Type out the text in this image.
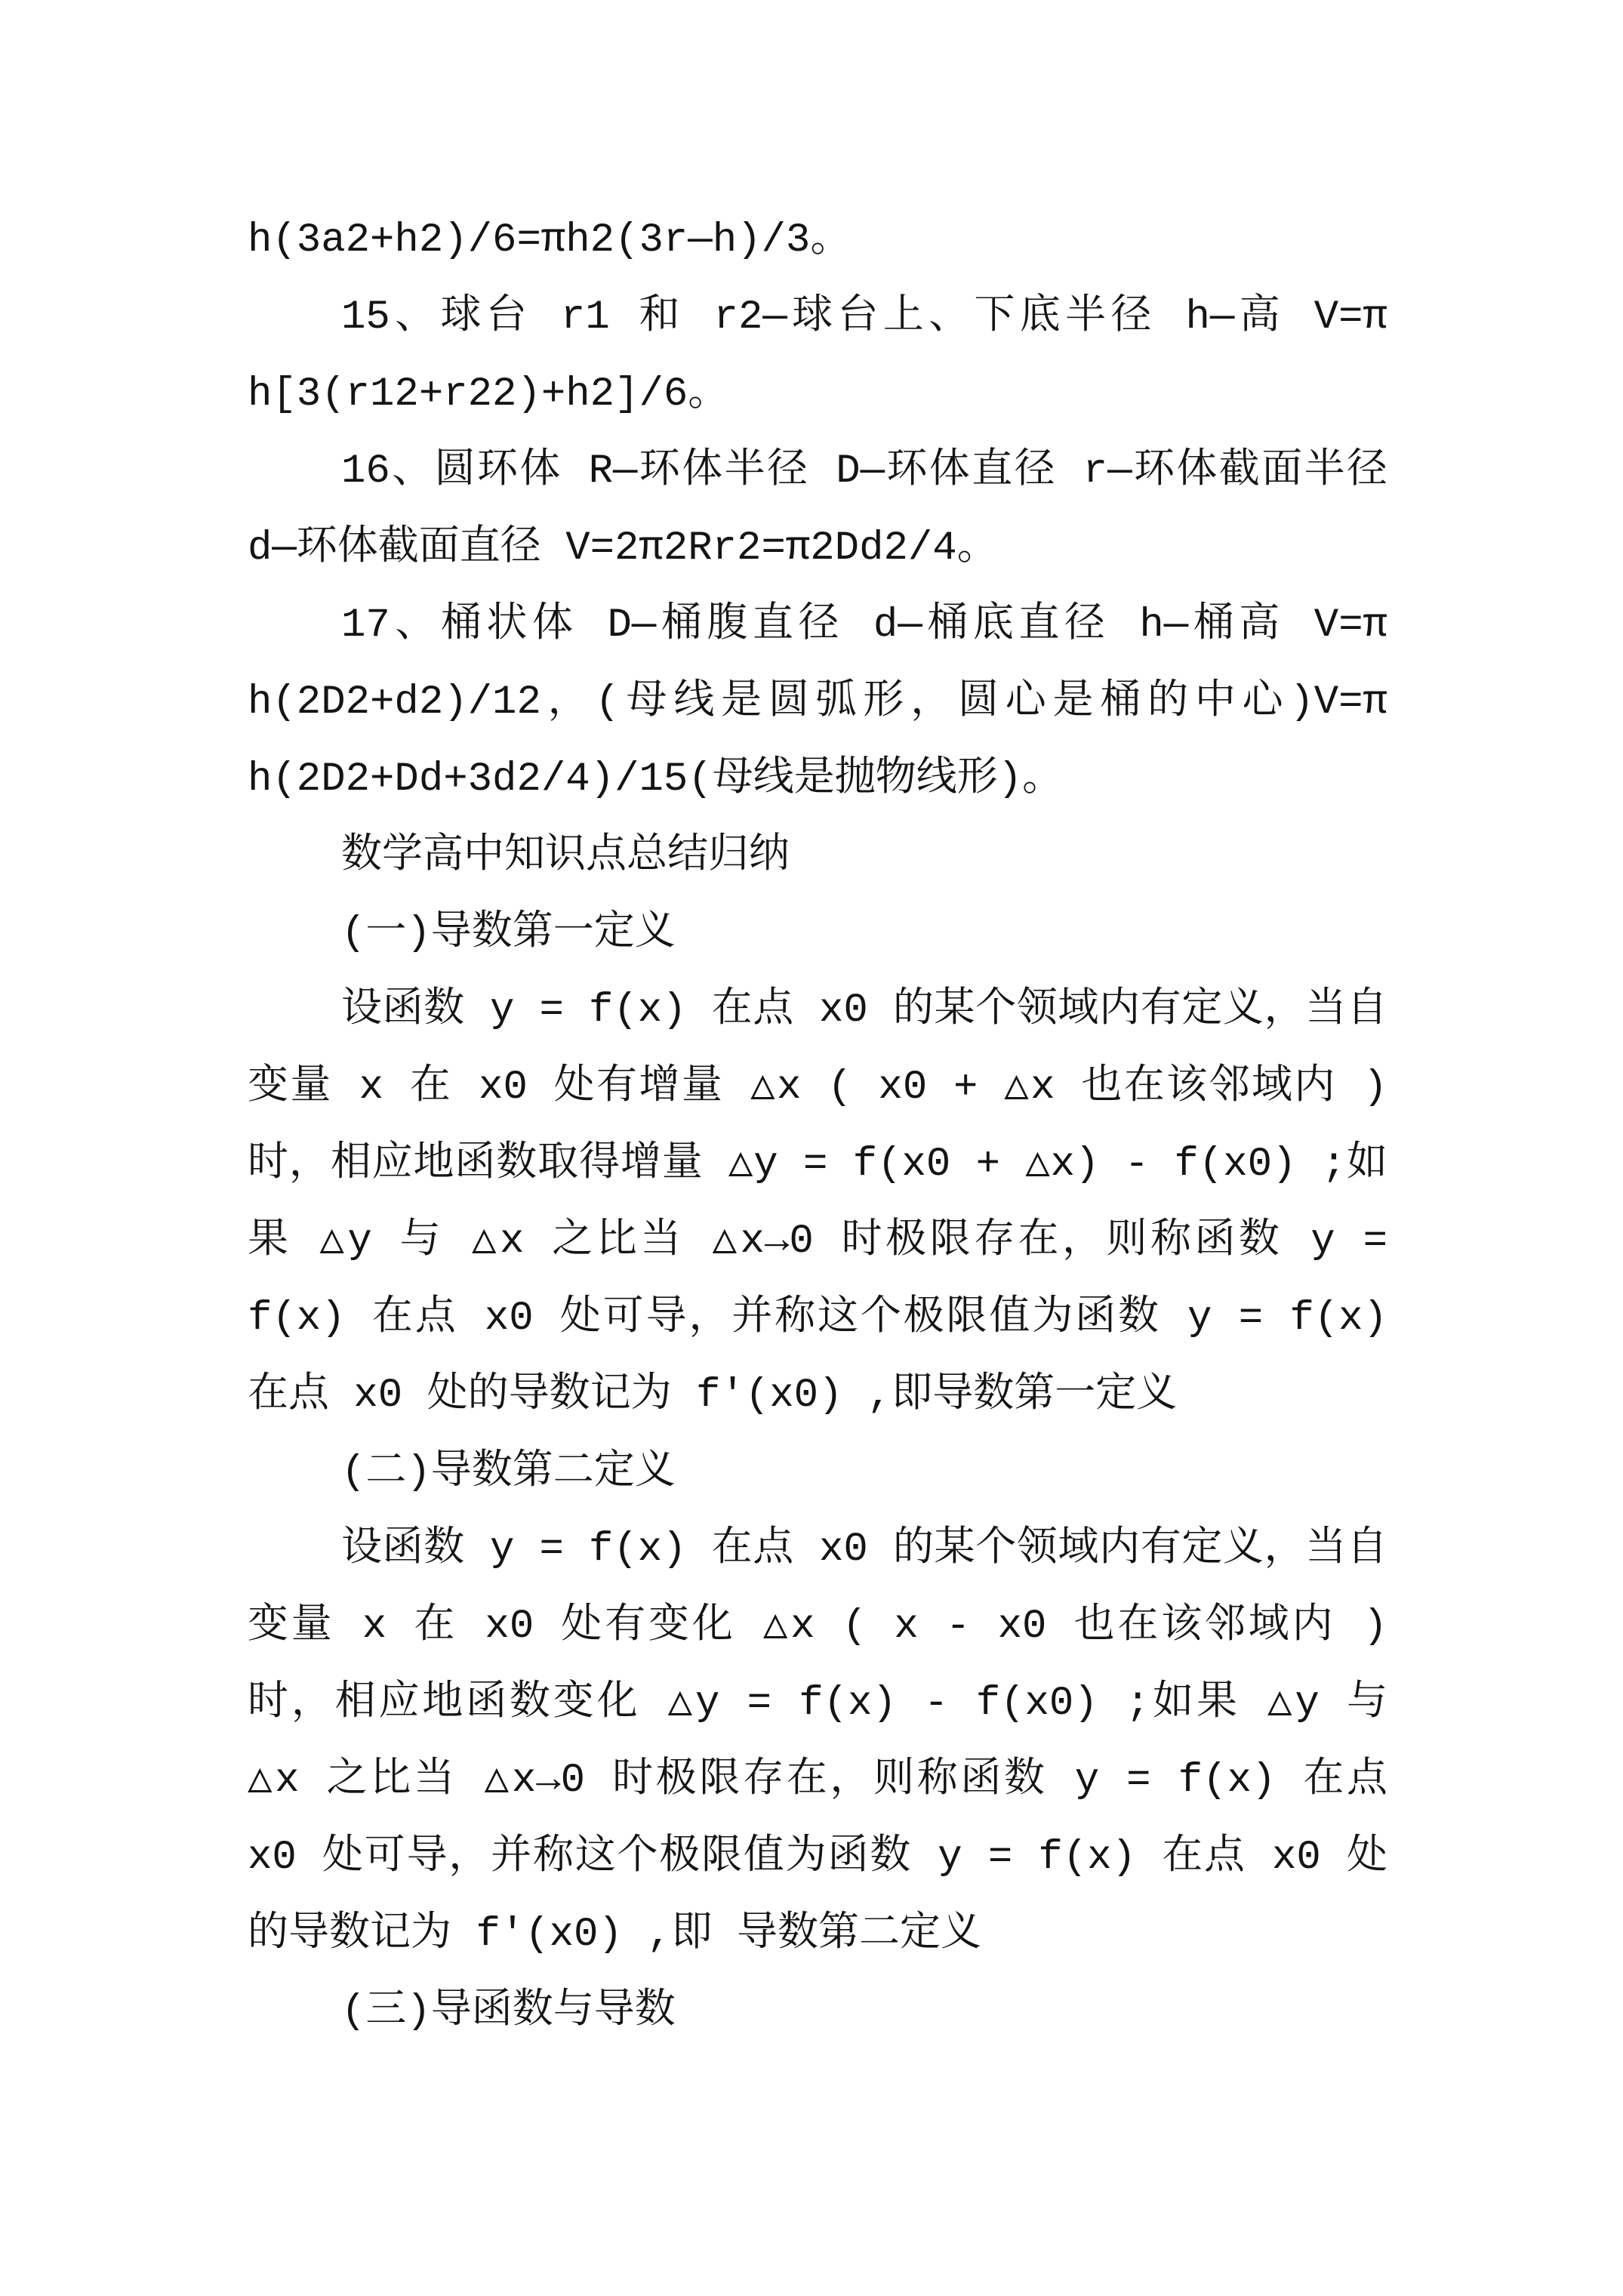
h(3a2+h2)/6=πh2(3r—h)/3。
15、球台 r1 和 r2—球台上、下底半径 h—高 V=π
h[3(r12+r22)+h2]/6。
16、圆环体 R—环体半径 D—环体直径 r—环体截面半径
d—环体截面直径 V=2π2Rr2=π2Dd2/4。
17、桶状体 D—桶腹直径 d—桶底直径 h—桶高 V=π
h(2D2+d2)/12，(母线是圆弧形，圆心是桶的中心)V=π
h(2D2+Dd+3d2/4)/15(母线是抛物线形)。
数学高中知识点总结归纳
(一)导数第一定义
设函数 y = f(x) 在点 x0 的某个领域内有定义，当自
变量 x 在 x0 处有增量 △x ( x0 + △x 也在该邻域内 )
时，相应地函数取得增量 △y = f(x0 + △x) - f(x0) ;如
果 △y 与 △x 之比当 △x→0 时极限存在，则称函数 y =
f(x) 在点 x0 处可导，并称这个极限值为函数 y = f(x)
在点 x0 处的导数记为 f'(x0) ,即导数第一定义
(二)导数第二定义
设函数 y = f(x) 在点 x0 的某个领域内有定义，当自
变量 x 在 x0 处有变化 △x ( x - x0 也在该邻域内 )
时，相应地函数变化 △y = f(x) - f(x0) ;如果 △y 与
△x 之比当 △x→0 时极限存在，则称函数 y = f(x) 在点
x0 处可导，并称这个极限值为函数 y = f(x) 在点 x0 处
的导数记为 f'(x0) ,即 导数第二定义
(三)导函数与导数
